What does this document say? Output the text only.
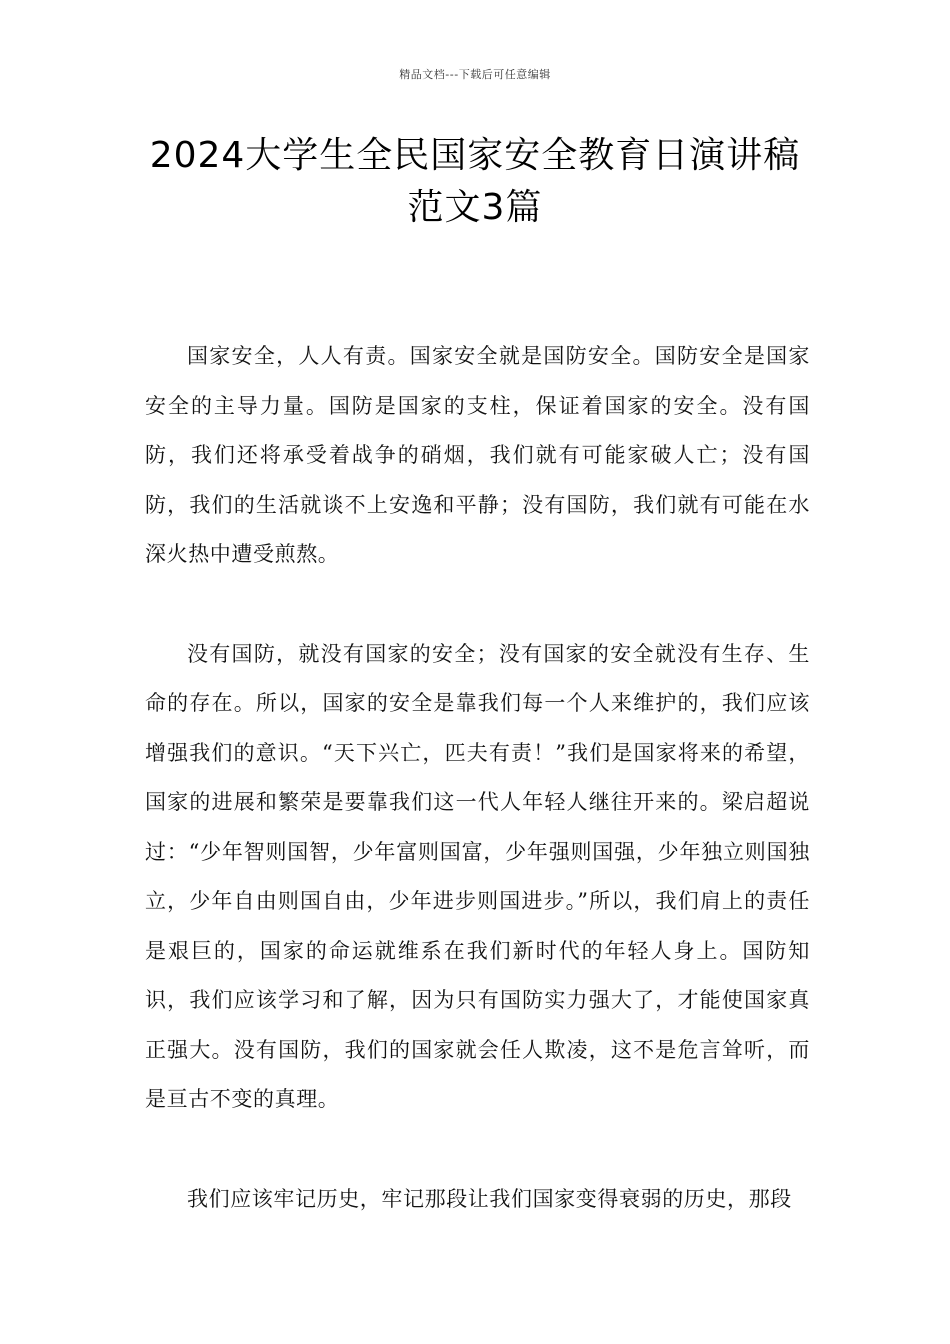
精品文档---下载后可任意编辑
2024大学生全民国家安全教育日演讲稿
范文3篇

国家安全，人人有责。国家安全就是国防安全。国防安全是国家安全的主导力量。国防是国家的支柱，保证着国家的安全。没有国防，我们还将承受着战争的硝烟，我们就有可能家破人亡；没有国防，我们的生活就谈不上安逸和平静；没有国防，我们就有可能在水深火热中遭受煎熬。

没有国防，就没有国家的安全；没有国家的安全就没有生存、生命的存在。所以，国家的安全是靠我们每一个人来维护的，我们应该增强我们的意识。“天下兴亡，匹夫有责！”我们是国家将来的希望，国家的进展和繁荣是要靠我们这一代人年轻人继往开来的。梁启超说过：“少年智则国智，少年富则国富，少年强则国强，少年独立则国独立，少年自由则国自由，少年进步则国进步。”所以，我们肩上的责任是艰巨的，国家的命运就维系在我们新时代的年轻人身上。国防知识，我们应该学习和了解，因为只有国防实力强大了，才能使国家真正强大。没有国防，我们的国家就会任人欺凌，这不是危言耸听，而是亘古不变的真理。

我们应该牢记历史，牢记那段让我们国家变得衰弱的历史，那段
